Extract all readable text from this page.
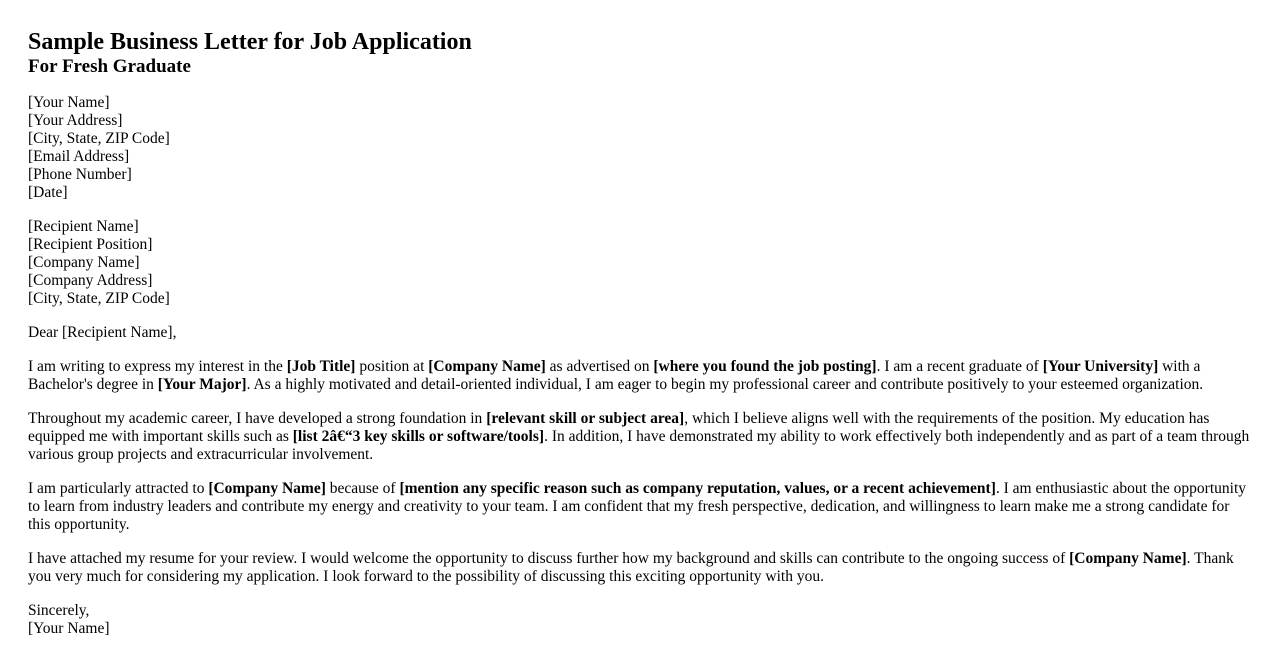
Sample Business Letter for Job Application
For Fresh Graduate
[Your Name]
[Your Address]
[City, State, ZIP Code]
[Email Address]
[Phone Number]
[Date]
[Recipient Name]
[Recipient Position]
[Company Name]
[Company Address]
[City, State, ZIP Code]

Dear [Recipient Name],

I am writing to express my interest in the [Job Title] position at [Company Name] as advertised on [where you found the job posting]. I am a recent graduate of [Your University] with a Bachelor's degree in [Your Major]. As a highly motivated and detail-oriented individual, I am eager to begin my professional career and contribute positively to your esteemed organization.

Throughout my academic career, I have developed a strong foundation in [relevant skill or subject area], which I believe aligns well with the requirements of the position. My education has equipped me with important skills such as [list 2â€“3 key skills or software/tools]. In addition, I have demonstrated my ability to work effectively both independently and as part of a team through various group projects and extracurricular involvement.

I am particularly attracted to [Company Name] because of [mention any specific reason such as company reputation, values, or a recent achievement]. I am enthusiastic about the opportunity to learn from industry leaders and contribute my energy and creativity to your team. I am confident that my fresh perspective, dedication, and willingness to learn make me a strong candidate for this opportunity.

I have attached my resume for your review. I would welcome the opportunity to discuss further how my background and skills can contribute to the ongoing success of [Company Name]. Thank you very much for considering my application. I look forward to the possibility of discussing this exciting opportunity with you.

Sincerely,
[Your Name]
